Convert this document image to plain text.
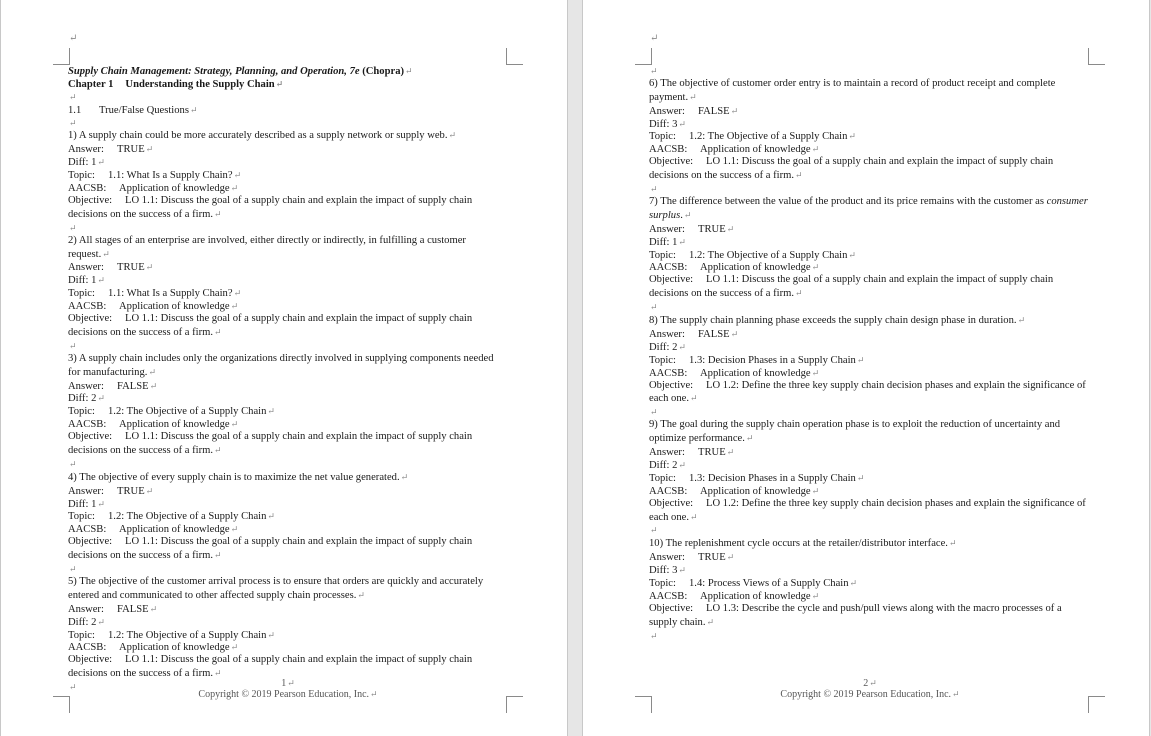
↵
1↵
Copyright © 2019 Pearson Education, Inc.↵
↵
2↵
Copyright © 2019 Pearson Education, Inc.↵
Supply Chain Management: Strategy, Planning, and Operation, 7e (Chopra)↵
Chapter 1 Understanding the Supply Chain↵
↵
1.1 True/False Questions↵
↵
1) A supply chain could be more accurately described as a supply network or supply web.↵
Answer: TRUE↵
Diff: 1↵
Topic: 1.1: What Is a Supply Chain?↵
AACSB: Application of knowledge↵
Objective: LO 1.1: Discuss the goal of a supply chain and explain the impact of supply chain decisions on the success of a firm.↵
↵
2) All stages of an enterprise are involved, either directly or indirectly, in fulfilling a customer request.↵
Answer: TRUE↵
Diff: 1↵
Topic: 1.1: What Is a Supply Chain?↵
AACSB: Application of knowledge↵
Objective: LO 1.1: Discuss the goal of a supply chain and explain the impact of supply chain decisions on the success of a firm.↵
↵
3) A supply chain includes only the organizations directly involved in supplying components needed for manufacturing.↵
Answer: FALSE↵
Diff: 2↵
Topic: 1.2: The Objective of a Supply Chain↵
AACSB: Application of knowledge↵
Objective: LO 1.1: Discuss the goal of a supply chain and explain the impact of supply chain decisions on the success of a firm.↵
↵
4) The objective of every supply chain is to maximize the net value generated.↵
Answer: TRUE↵
Diff: 1↵
Topic: 1.2: The Objective of a Supply Chain↵
AACSB: Application of knowledge↵
Objective: LO 1.1: Discuss the goal of a supply chain and explain the impact of supply chain decisions on the success of a firm.↵
↵
5) The objective of the customer arrival process is to ensure that orders are quickly and accurately entered and communicated to other affected supply chain processes.↵
Answer: FALSE↵
Diff: 2↵
Topic: 1.2: The Objective of a Supply Chain↵
AACSB: Application of knowledge↵
Objective: LO 1.1: Discuss the goal of a supply chain and explain the impact of supply chain decisions on the success of a firm.↵
↵
↵
6) The objective of customer order entry is to maintain a record of product receipt and complete payment.↵
Answer: FALSE↵
Diff: 3↵
Topic: 1.2: The Objective of a Supply Chain↵
AACSB: Application of knowledge↵
Objective: LO 1.1: Discuss the goal of a supply chain and explain the impact of supply chain decisions on the success of a firm.↵
↵
7) The difference between the value of the product and its price remains with the customer as consumer surplus.↵
Answer: TRUE↵
Diff: 1↵
Topic: 1.2: The Objective of a Supply Chain↵
AACSB: Application of knowledge↵
Objective: LO 1.1: Discuss the goal of a supply chain and explain the impact of supply chain decisions on the success of a firm.↵
↵
8) The supply chain planning phase exceeds the supply chain design phase in duration.↵
Answer: FALSE↵
Diff: 2↵
Topic: 1.3: Decision Phases in a Supply Chain↵
AACSB: Application of knowledge↵
Objective: LO 1.2: Define the three key supply chain decision phases and explain the significance of each one.↵
↵
9) The goal during the supply chain operation phase is to exploit the reduction of uncertainty and optimize performance.↵
Answer: TRUE↵
Diff: 2↵
Topic: 1.3: Decision Phases in a Supply Chain↵
AACSB: Application of knowledge↵
Objective: LO 1.2: Define the three key supply chain decision phases and explain the significance of each one.↵
↵
10) The replenishment cycle occurs at the retailer/distributor interface.↵
Answer: TRUE↵
Diff: 3↵
Topic: 1.4: Process Views of a Supply Chain↵
AACSB: Application of knowledge↵
Objective: LO 1.3: Describe the cycle and push/pull views along with the macro processes of a supply chain.↵
↵
